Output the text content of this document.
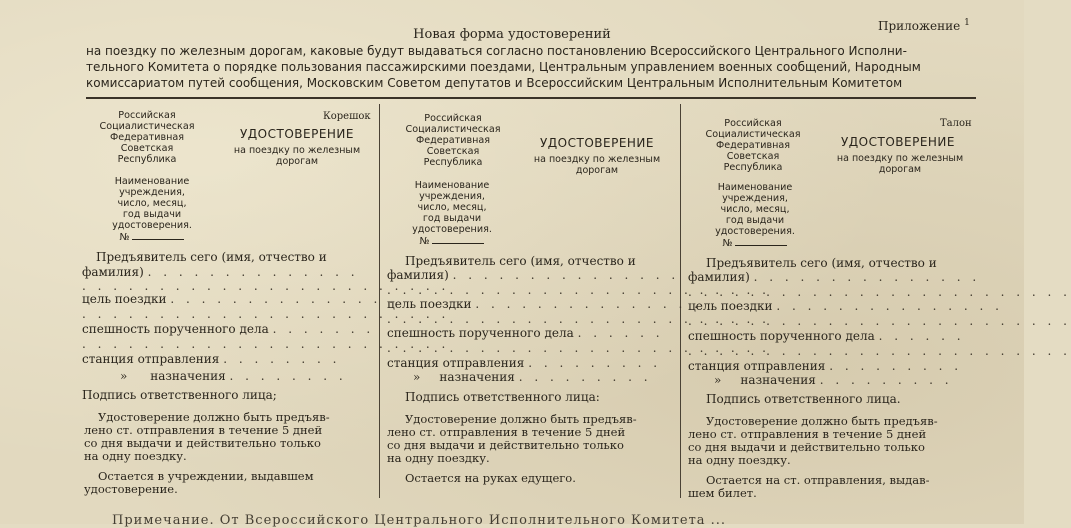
Приложение $^1$
Новая форма удостоверений
на поездку по железным дорогам, каковые будут выдаваться согласно постановлению Всероссийского Центрального Исполни-
тельного Комитета о порядке пользования пассажирскими поездами, Центральным управлением военных сообщений, Народным
комиссариатом путей сообщения, Московским Советом депутатов и Всероссийским Центральным Исполнительным Комитетом
Корешок
Российская
Социалистическая
Федеративная
Советская
Республика
УДОСТОВЕРЕНИЕ
на поездку по железным
дорогам
Наименование
учреждения,
число, месяц,
год выдачи
удостоверения.
№
Предъявитель сего (имя, отчество и
фамилия) . . . . . . . . . . . . . .
. . . . . . . . . . . . . . . . . . . . . . . .
цель поездки . . . . . . . . . . . . . . .
. . . . . . . . . . . . . . . . . . . . . . . .
спешность порученного дела . . . . . . .
. . . . . . . . . . . . . . . . . . . . . . . .
станция отправления . . . . . . . .
» назначения . . . . . . . .
Подпись ответственного лица;
Удостоверение должно быть предъяв-
лено ст. отправления в течение 5 дней
со дня выдачи и действительно только
на одну поездку.
Остается в учреждении, выдавшем
удостоверение.
Российская
Социалистическая
Федеративная
Советская
Республика
УДОСТОВЕРЕНИЕ
на поездку по железным
дорогам
Наименование
учреждения,
число, месяц,
год выдачи
удостоверения.
№
Предъявитель сего (имя, отчество и
фамилия) . . . . . . . . . . . . . . .
. . . . . . . . . . . . . . . . . . . . . . . . .
цель поездки . . . . . . . . . . . . . . .
. . . . . . . . . . . . . . . . . . . . . . . . .
спешность порученного дела . . . . . .
. . . . . . . . . . . . . . . . . . . . . . . . .
станция отправления . . . . . . . . .
» назначения . . . . . . . . .
Подпись ответственного лица:
Удостоверение должно быть предъяв-
лено ст. отправления в течение 5 дней
со дня выдачи и действительно только
на одну поездку.
Остается на руках едущего.
Талон
Российская
Социалистическая
Федеративная
Советская
Республика
УДОСТОВЕРЕНИЕ
на поездку по железным
дорогам
Наименование
учреждения,
число, месяц,
год выдачи
удостоверения.
№
Предъявитель сего (имя, отчество и
фамилия) . . . . . . . . . . . . . . .
. . . . . . . . . . . . . . . . . . . . . . . . .
цель поездки . . . . . . . . . . . . . . .
. . . . . . . . . . . . . . . . . . . . . . . . .
спешность порученного дела . . . . . .
. . . . . . . . . . . . . . . . . . . . . . . . .
станция отправления . . . . . . . . .
» назначения . . . . . . . . .
Подпись ответственного лица.
Удостоверение должно быть предъяв-
лено ст. отправления в течение 5 дней
со дня выдачи и действительно только
на одну поездку.
Остается на ст. отправления, выдав-
шем билет.
Примечание. От Всероссийского Центрального Исполнительного Комитета ...
